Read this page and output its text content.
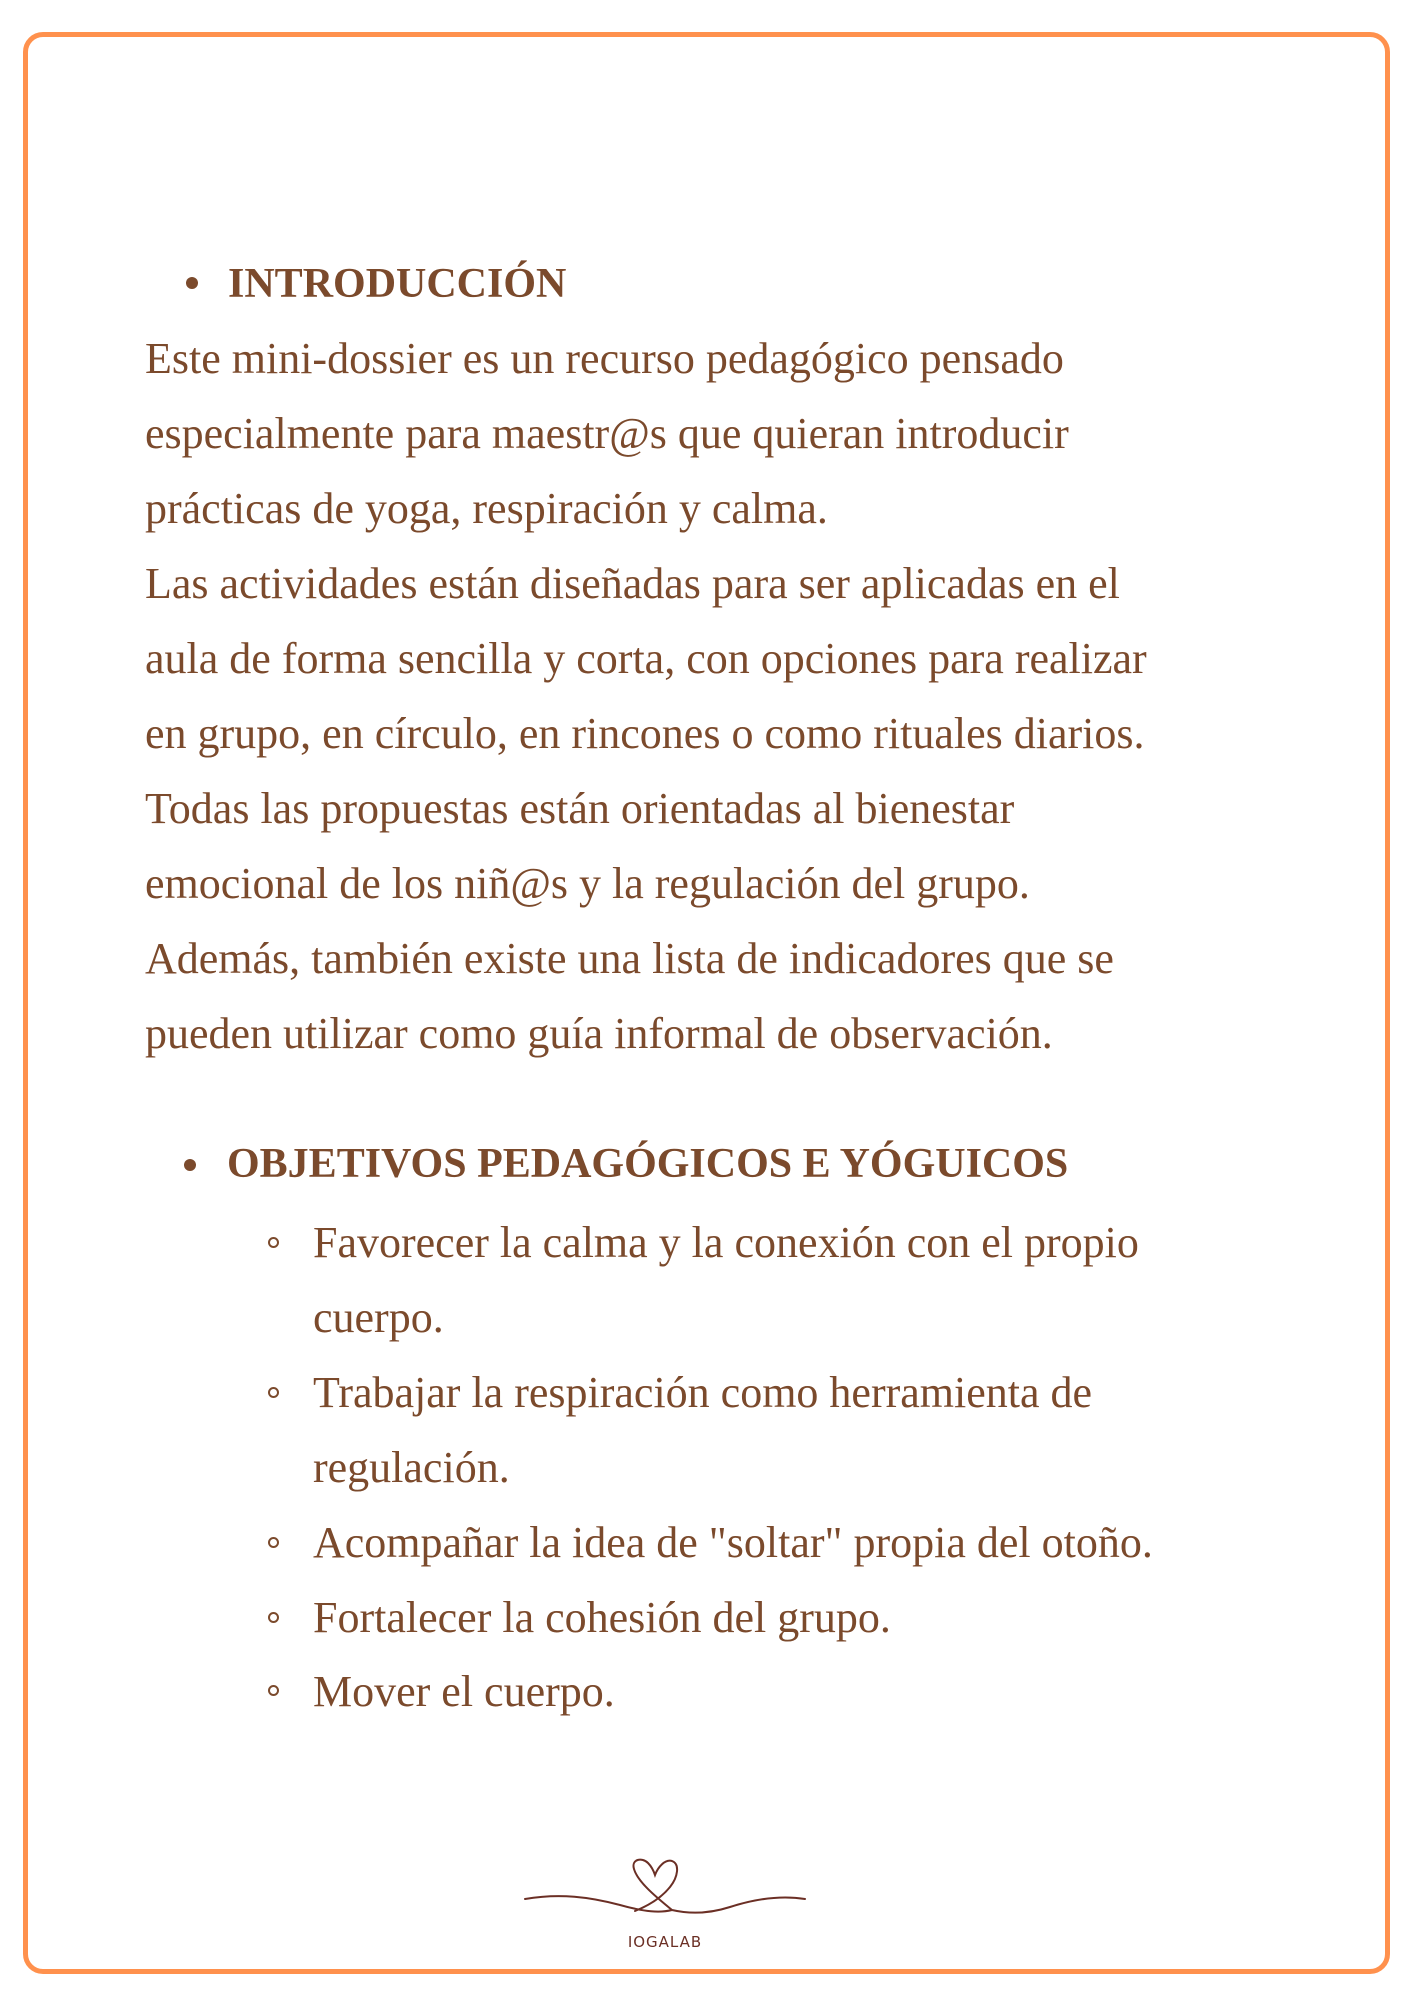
INTRODUCCIÓN
Este mini-dossier es un recurso pedagógico pensado
especialmente para maestr@s que quieran introducir
prácticas de yoga, respiración y calma.
Las actividades están diseñadas para ser aplicadas en el
aula de forma sencilla y corta, con opciones para realizar
en grupo, en círculo, en rincones o como rituales diarios.
Todas las propuestas están orientadas al bienestar
emocional de los niñ@s y la regulación del grupo.
Además, también existe una lista de indicadores que se
pueden utilizar como guía informal de observación.
OBJETIVOS PEDAGÓGICOS E YÓGUICOS
Favorecer la calma y la conexión con el propio
cuerpo.
Trabajar la respiración como herramienta de
regulación.
Acompañar la idea de "soltar" propia del otoño.
Fortalecer la cohesión del grupo.
Mover el cuerpo.
IOGALAB
